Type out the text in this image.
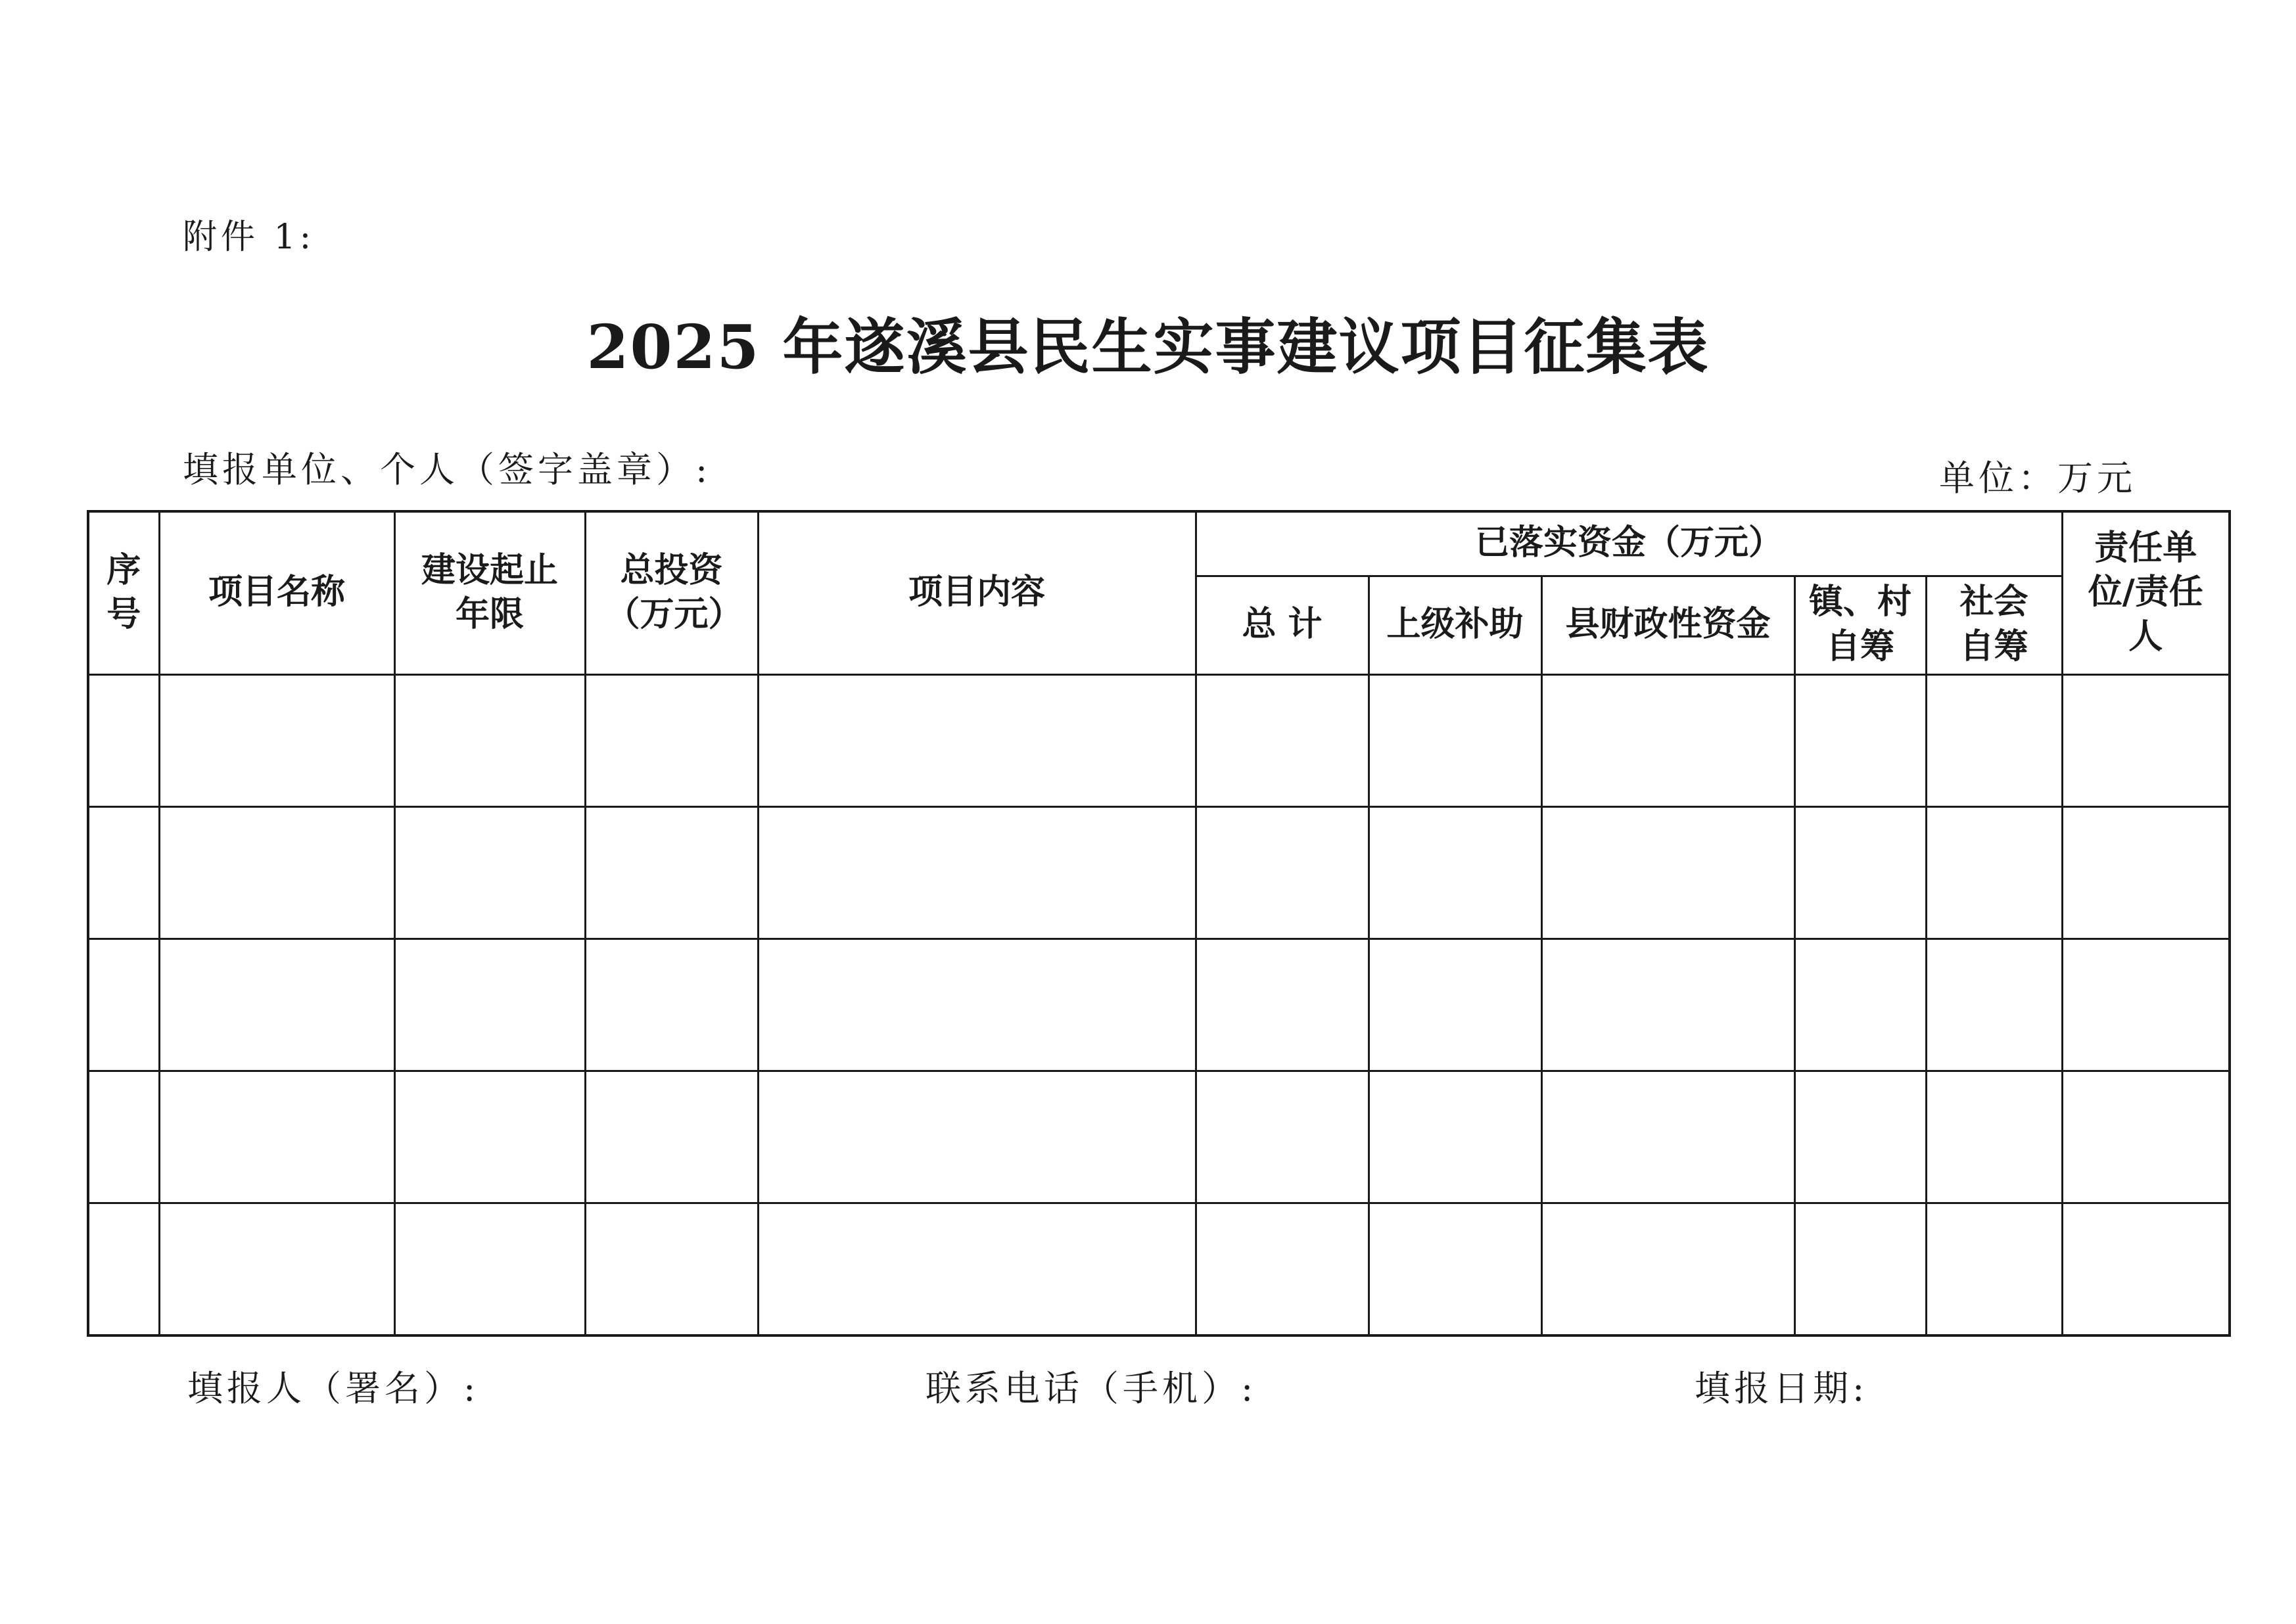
附件 1:
2025 年遂溪县民生实事建议项目征集表
填报单位、个人（签字盖章）:	单位：万元
序号	项目名称	建设起止年限	总投资（万元）	项目内容	已落实资金（万元）					责任单位/责任人
					总 计	上级补助	县财政性资金	镇、村自筹	社会自筹	

填报人（署名）:	联系电话（手机）:	填报日期:
